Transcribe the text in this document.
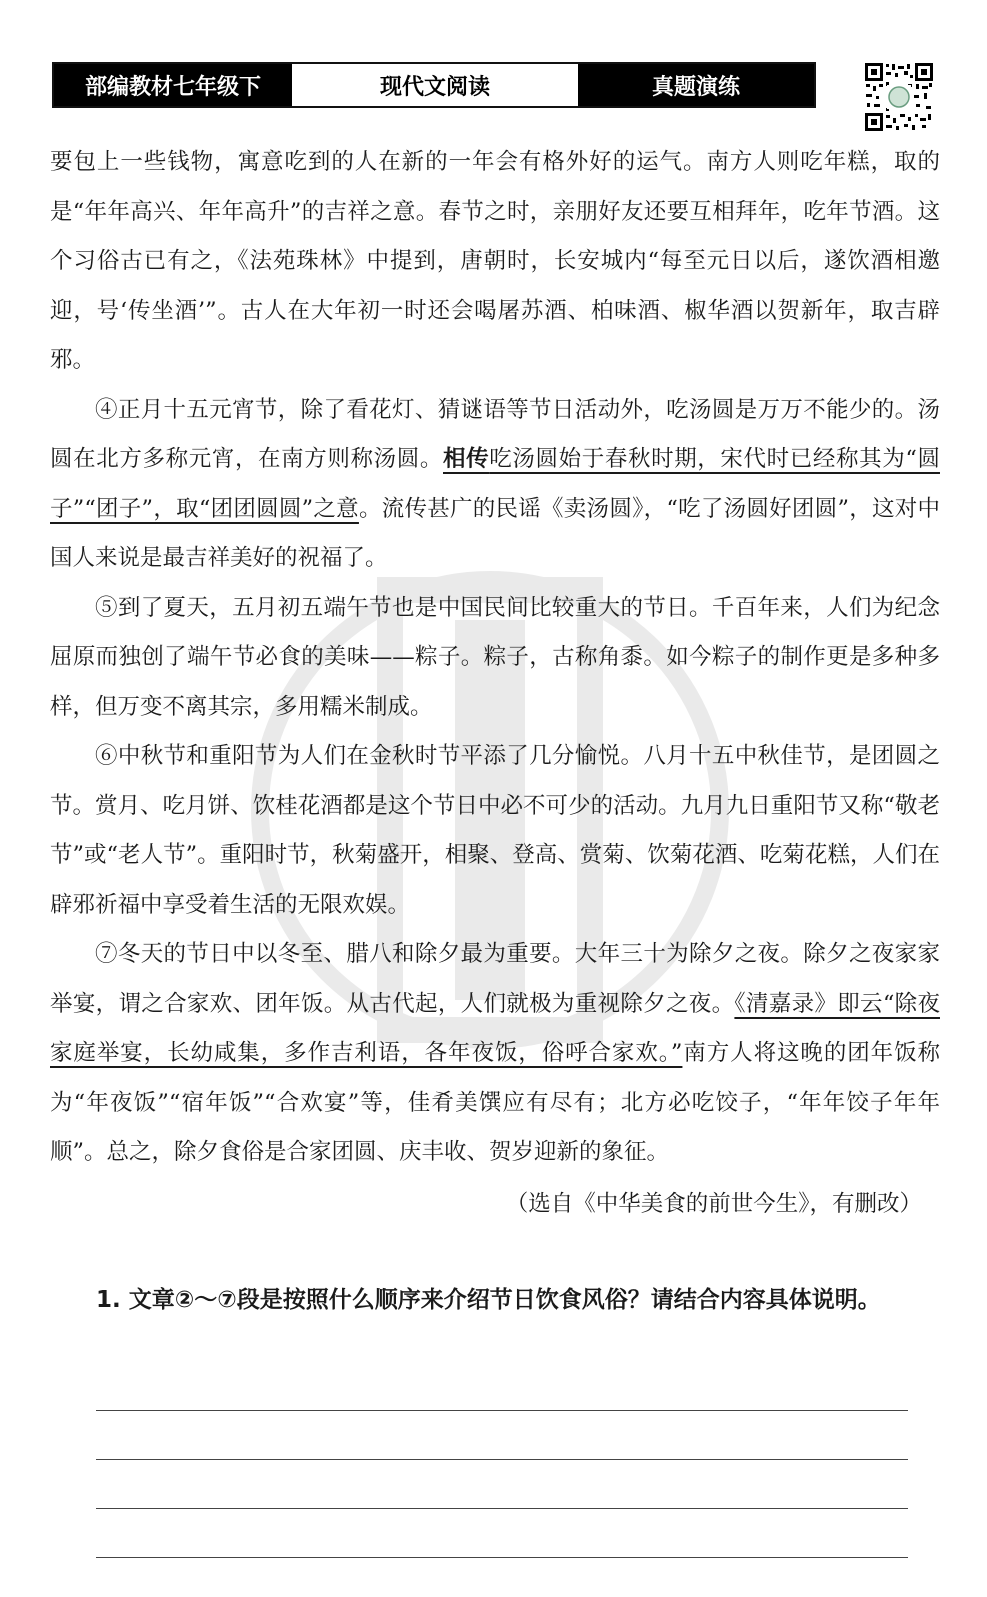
部编教材七年级下	现代文阅读	真题演练

要包上一些钱物，寓意吃到的人在新的一年会有格外好的运气。南方人则吃年糕，取的是“年年高兴、年年高升”的吉祥之意。春节之时，亲朋好友还要互相拜年，吃年节酒。这个习俗古已有之，《法苑珠林》中提到，唐朝时，长安城内“每至元日以后，遂饮酒相邀迎，号‘传坐酒’”。古人在大年初一时还会喝屠苏酒、柏味酒、椒华酒以贺新年，取吉辟邪。

④正月十五元宵节，除了看花灯、猜谜语等节日活动外，吃汤圆是万万不能少的。汤圆在北方多称元宵，在南方则称汤圆。相传吃汤圆始于春秋时期，宋代时已经称其为“圆子”“团子”，取“团团圆圆”之意。流传甚广的民谣《卖汤圆》，“吃了汤圆好团圆”，这对中国人来说是最吉祥美好的祝福了。

⑤到了夏天，五月初五端午节也是中国民间比较重大的节日。千百年来，人们为纪念屈原而独创了端午节必食的美味——粽子。粽子，古称角黍。如今粽子的制作更是多种多样，但万变不离其宗，多用糯米制成。

⑥中秋节和重阳节为人们在金秋时节平添了几分愉悦。八月十五中秋佳节，是团圆之节。赏月、吃月饼、饮桂花酒都是这个节日中必不可少的活动。九月九日重阳节又称“敬老节”或“老人节”。重阳时节，秋菊盛开，相聚、登高、赏菊、饮菊花酒、吃菊花糕，人们在辟邪祈福中享受着生活的无限欢娱。

⑦冬天的节日中以冬至、腊八和除夕最为重要。大年三十为除夕之夜。除夕之夜家家举宴，谓之合家欢、团年饭。从古代起，人们就极为重视除夕之夜。《清嘉录》即云“除夜家庭举宴，长幼咸集，多作吉利语，各年夜饭，俗呼合家欢。”南方人将这晚的团年饭称为“年夜饭”“宿年饭”“合欢宴”等，佳肴美馔应有尽有；北方必吃饺子，“年年饺子年年顺”。总之，除夕食俗是合家团圆、庆丰收、贺岁迎新的象征。

（选自《中华美食的前世今生》，有删改）

1. 文章②～⑦段是按照什么顺序来介绍节日饮食风俗？请结合内容具体说明。
